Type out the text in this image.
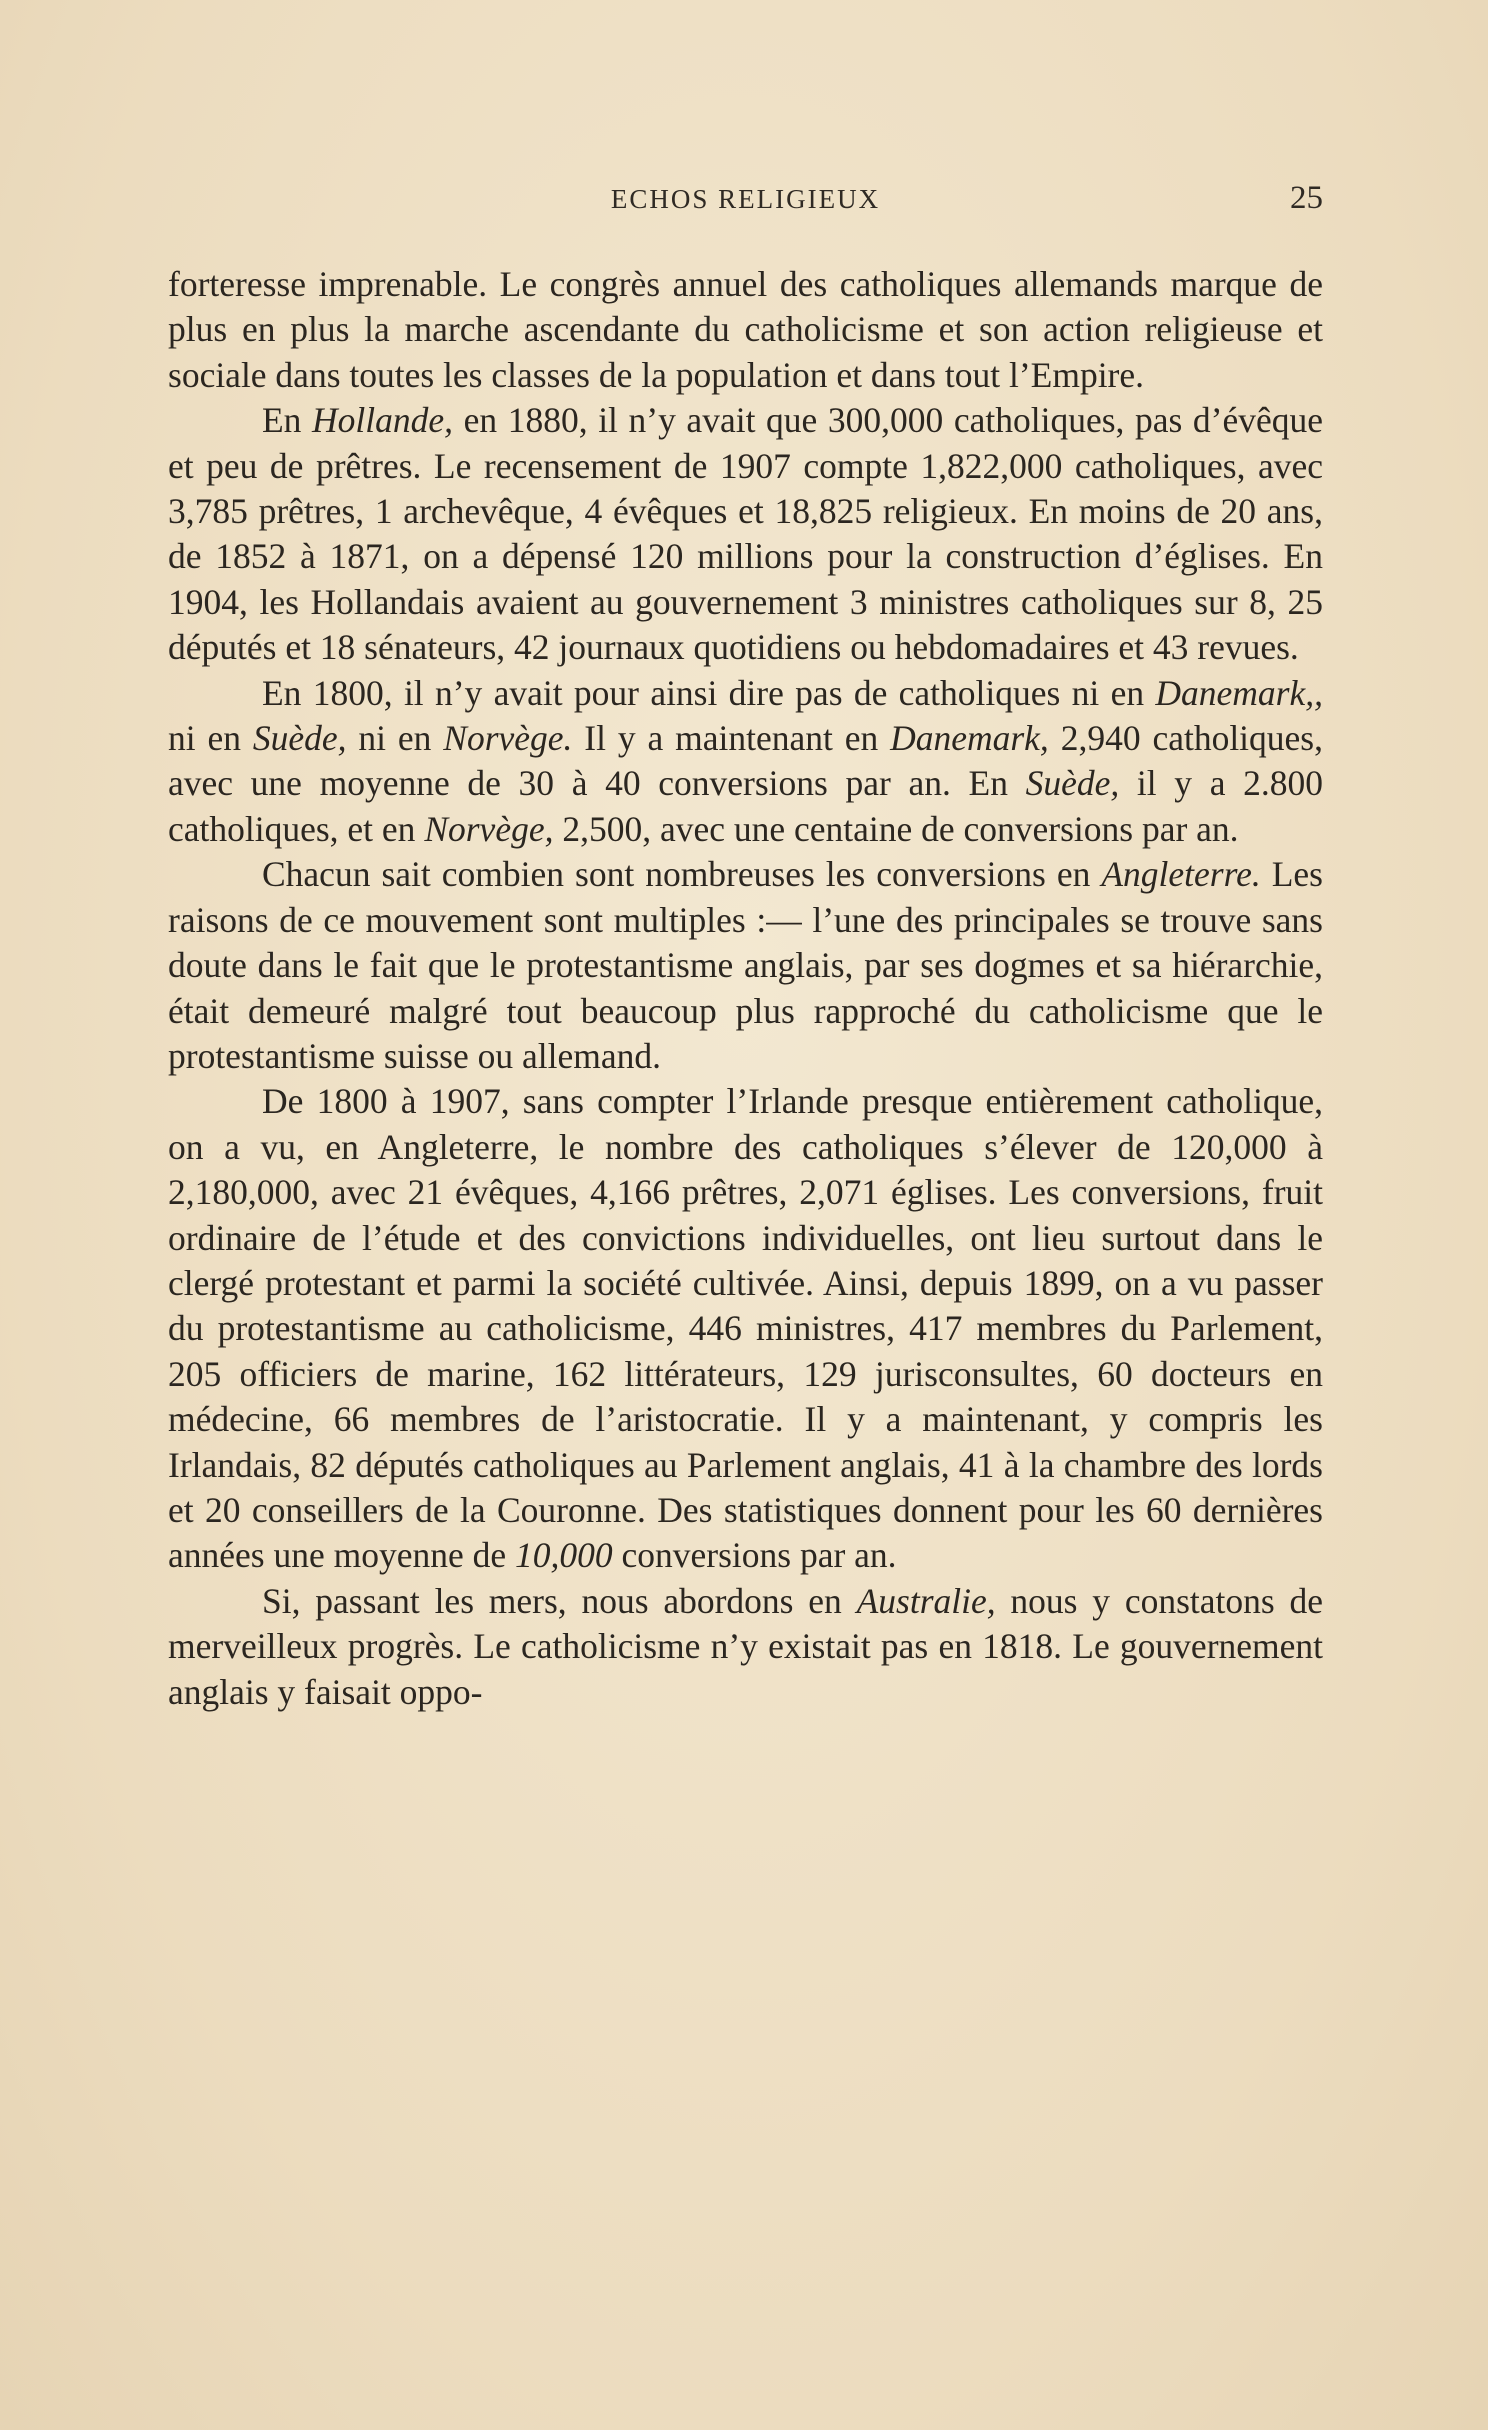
ECHOS RELIGIEUX	25

forteresse imprenable. Le congrès annuel des catholiques allemands marque de plus en plus la marche ascendante du catholicisme et son action religieuse et sociale dans toutes les classes de la population et dans tout l’Empire.

En Hollande, en 1880, il n’y avait que 300,000 catholiques, pas d’évêque et peu de prêtres. Le recensement de 1907 compte 1,822,000 catholiques, avec 3,785 prêtres, 1 archevêque, 4 évêques et 18,825 religieux. En moins de 20 ans, de 1852 à 1871, on a dépensé 120 millions pour la construction d’églises. En 1904, les Hollandais avaient au gouvernement 3 ministres catholiques sur 8, 25 députés et 18 sénateurs, 42 journaux quotidiens ou hebdomadaires et 43 revues.

En 1800, il n’y avait pour ainsi dire pas de catholiques ni en Danemark,, ni en Suède, ni en Norvège. Il y a maintenant en Danemark, 2,940 catholiques, avec une moyenne de 30 à 40 conversions par an. En Suède, il y a 2.800 catholiques, et en Norvège, 2,500, avec une centaine de conversions par an.

Chacun sait combien sont nombreuses les conversions en Angleterre. Les raisons de ce mouvement sont multiples :— l’une des principales se trouve sans doute dans le fait que le protestantisme anglais, par ses dogmes et sa hiérarchie, était demeuré malgré tout beaucoup plus rapproché du catholicisme que le protestantisme suisse ou allemand.

De 1800 à 1907, sans compter l’Irlande presque entièrement catholique, on a vu, en Angleterre, le nombre des catholiques s’élever de 120,000 à 2,180,000, avec 21 évêques, 4,166 prêtres, 2,071 églises. Les conversions, fruit ordinaire de l’étude et des convictions individuelles, ont lieu surtout dans le clergé protestant et parmi la société cultivée. Ainsi, depuis 1899, on a vu passer du protestantisme au catholicisme, 446 ministres, 417 membres du Parlement, 205 officiers de marine, 162 littérateurs, 129 jurisconsultes, 60 docteurs en médecine, 66 membres de l’aristocratie. Il y a maintenant, y compris les Irlandais, 82 députés catholiques au Parlement anglais, 41 à la chambre des lords et 20 conseillers de la Couronne. Des statistiques donnent pour les 60 dernières années une moyenne de 10,000 conversions par an.

Si, passant les mers, nous abordons en Australie, nous y constatons de merveilleux progrès. Le catholicisme n’y existait pas en 1818. Le gouvernement anglais y faisait oppo-
